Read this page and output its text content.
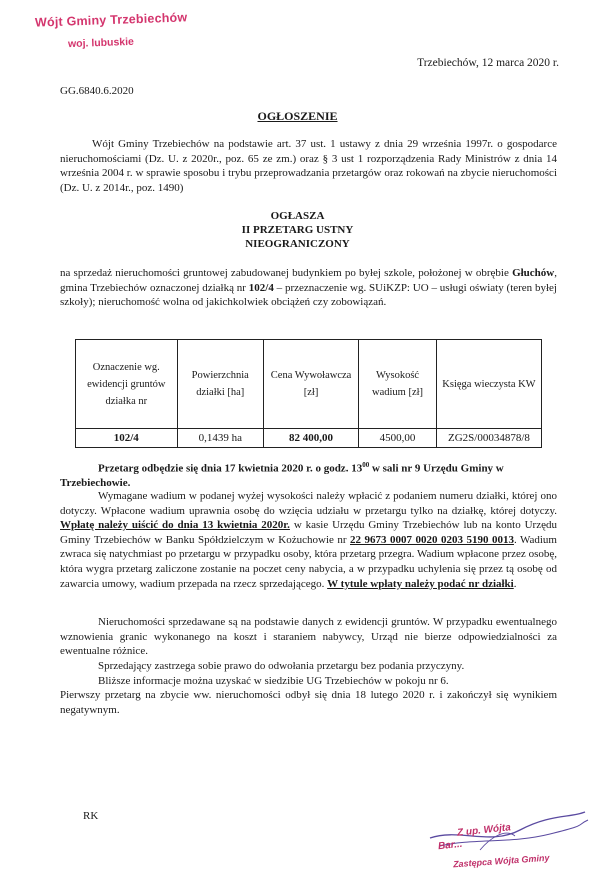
Wójt Gminy Trzebiechów
woj. lubuskie
Trzebiechów, 12 marca 2020 r.
GG.6840.6.2020
OGŁOSZENIE
Wójt Gminy Trzebiechów na podstawie art. 37 ust. 1 ustawy z dnia 29 września 1997r. o gospodarce nieruchomościami (Dz. U. z 2020r., poz. 65 ze zm.) oraz § 3 ust 1 rozporządzenia Rady Ministrów z dnia 14 września 2004 r. w sprawie sposobu i trybu przeprowadzania przetargów oraz rokowań na zbycie nieruchomości (Dz. U. z 2014r., poz. 1490)
OGŁASZA
II PRZETARG USTNY
NIEOGRANICZONY
na sprzedaż nieruchomości gruntowej zabudowanej budynkiem po byłej szkole, położonej w obrębie Głuchów, gmina Trzebiechów oznaczonej działką nr 102/4 – przeznaczenie wg. SUiKZP: UO – usługi oświaty (teren byłej szkoły); nieruchomość wolna od jakichkolwiek obciążeń czy zobowiązań.
Oznaczenie wg. ewidencji gruntów działka nr	Powierzchnia działki [ha]	Cena Wywoławcza [zł]	Wysokość wadium [zł]	Księga wieczysta KW
102/4	0,1439 ha	82 400,00	4500,00	ZG2S/00034878/8
Przetarg odbędzie się dnia 17 kwietnia 2020 r. o godz. $13^{00}$ w sali nr 9 Urzędu Gminy w Trzebiechowie.
Wymagane wadium w podanej wyżej wysokości należy wpłacić z podaniem numeru działki, której ono dotyczy. Wpłacone wadium uprawnia osobę do wzięcia udziału w przetargu tylko na działkę, której dotyczy. Wpłatę należy uiścić do dnia 13 kwietnia 2020r. w kasie Urzędu Gminy Trzebiechów lub na konto Urzędu Gminy Trzebiechów w Banku Spółdzielczym w Kożuchowie nr 22 9673 0007 0020 0203 5190 0013. Wadium zwraca się natychmiast po przetargu w przypadku osoby, która przetarg przegra. Wadium wpłacone przez osobę, która wygra przetarg zaliczone zostanie na poczet ceny nabycia, a w przypadku uchylenia się przez tą osobę od zawarcia umowy, wadium przepada na rzecz sprzedającego. W tytule wpłaty należy podać nr działki.
Nieruchomości sprzedawane są na podstawie danych z ewidencji gruntów. W przypadku ewentualnego wznowienia granic wykonanego na koszt i staraniem nabywcy, Urząd nie bierze odpowiedzialności za ewentualne różnice.
Sprzedający zastrzega sobie prawo do odwołania przetargu bez podania przyczyny.
Bliższe informacje można uzyskać w siedzibie UG Trzebiechów w pokoju nr 6.
Pierwszy przetarg na zbycie ww. nieruchomości odbył się dnia 18 lutego 2020 r. i zakończył się wynikiem negatywnym.
Z up. Wójta
Bar...
Zastępca Wójta Gminy
RK
